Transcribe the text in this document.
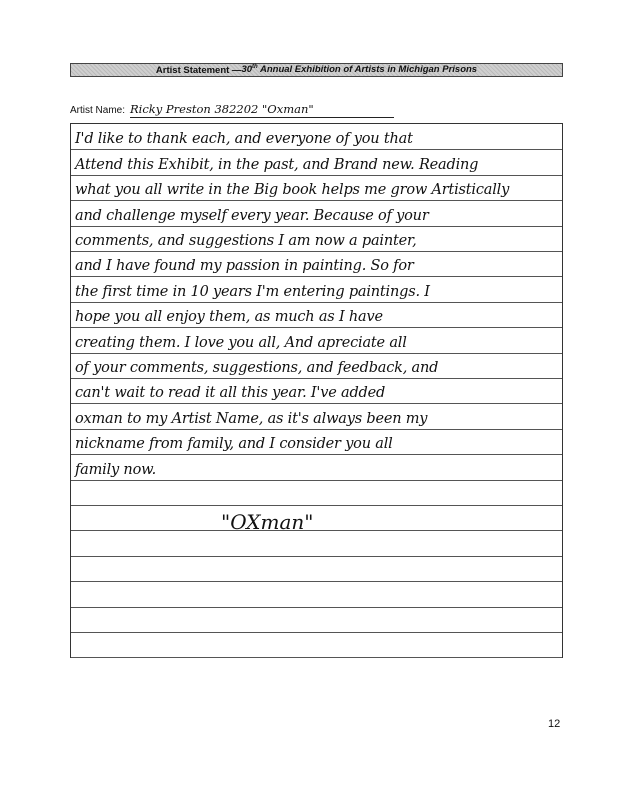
Artist Statement — 30th Annual Exhibition of Artists in Michigan Prisons
Artist Name: Ricky Preston 382202 "Oxman"
I'd like to thank each, and everyone of you that
Attend this Exhibit, in the past, and Brand new. Reading
what you all write in the Big book helps me grow Artistically
and challenge myself every year. Because of your
comments, and suggestions I am now a painter,
and I have found my passion in painting. So for
the first time in 10 years I'm entering paintings. I
hope you all enjoy them, as much as I have
creating them. I love you all, And apreciate all
of your comments, suggestions, and feedback, and
can't wait to read it all this year. I've added
oxman to my Artist Name, as it's always been my
nickname from family, and I consider you all
family now.
"OXman"
12
